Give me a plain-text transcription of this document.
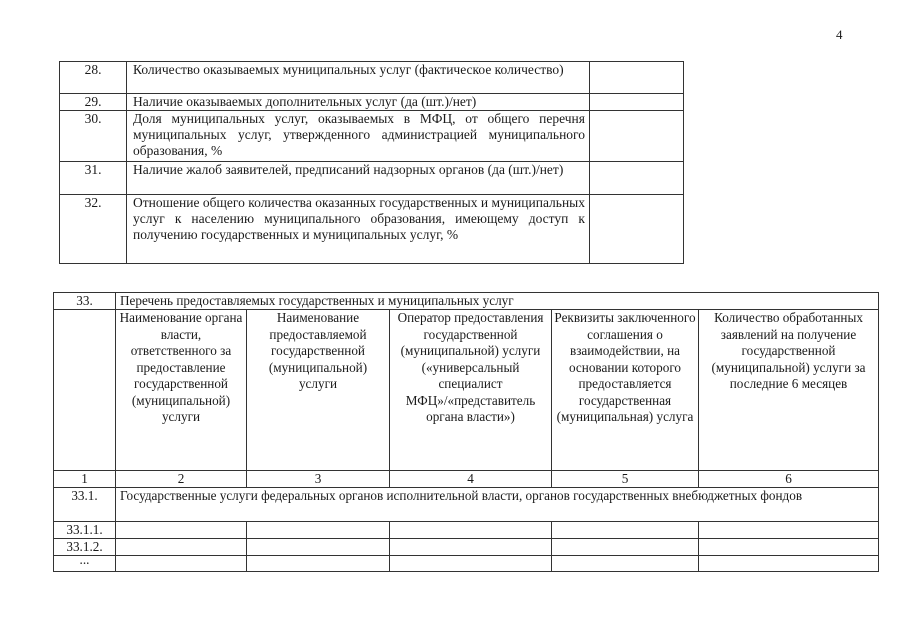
4
28.	Количество оказываемых муниципальных услуг (фактическое количество)	
29.	Наличие оказываемых дополнительных услуг (да (шт.)/нет)	
30.	Доля муниципальных услуг, оказываемых в МФЦ, от общего перечня муниципальных услуг, утвержденного администрацией муниципального образования, %	
31.	Наличие жалоб заявителей, предписаний надзорных органов (да (шт.)/нет)	
32.	Отношение общего количества оказанных государственных и муниципальных услуг к населению муниципального образования, имеющему доступ к получению государственных и муниципальных услуг, %	
33.	Перечень предоставляемых государственных и муниципальных услуг				
	Наименование органа власти, ответственного за предоставление государственной (муниципальной) услуги	Наименование предоставляемой государственной (муниципальной) услуги	Оператор предоставления государственной (муниципальной) услуги («универсальный специалист МФЦ»/«представитель органа власти»)	Реквизиты заключенного соглашения о взаимодействии, на основании которого предоставляется государственная (муниципальная) услуга	Количество обработанных заявлений на получение государственной (муниципальной) услуги за последние 6 месяцев
1	2	3	4	5	6
33.1.	Государственные услуги федеральных органов исполнительной власти, органов государственных внебюджетных фондов				
33.1.1.					
33.1.2.					

...					
